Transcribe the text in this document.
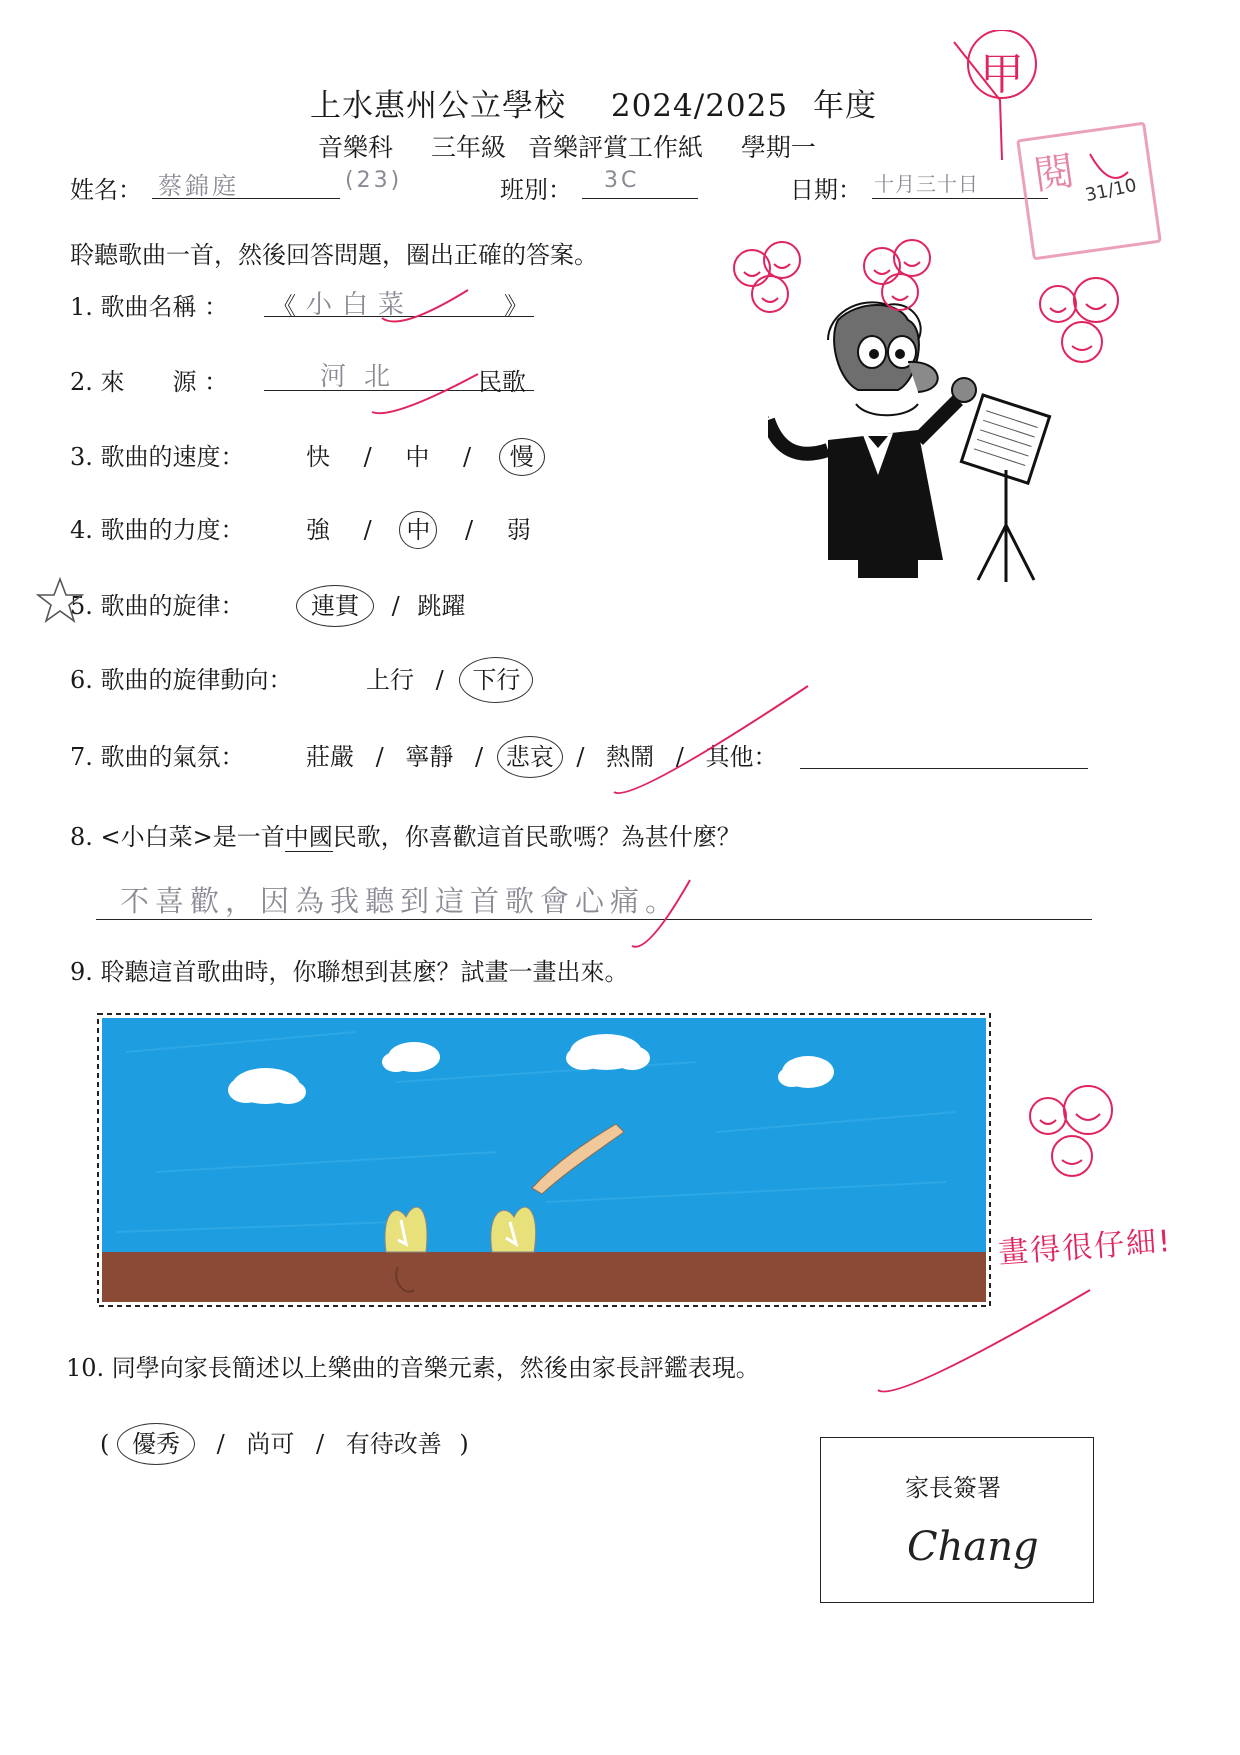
上水惠州公立學校 2024/2025 年度
音樂科 三年級 音樂評賞工作紙 學期一
姓名： 蔡錦庭	(23)	班別： 3C	日期： 十月三十日
聆聽歌曲一首，然後回答問題，圈出正確的答案。
1. 歌曲名稱 ： 《 小白菜	》
2. 來　　源 ：	河北	民歌
3. 歌曲的速度：	快 / 中 / 慢
4. 歌曲的力度：	強 / 中 / 弱
5. 歌曲的旋律：	連貫 / 跳躍
6. 歌曲的旋律動向：	上行 / 下行
7. 歌曲的氣氛：	莊嚴 / 寧靜 / 悲哀 / 熱鬧 / 其他：
8. <小白菜>是一首中國民歌，你喜歡這首民歌嗎？為甚什麼？
不喜歡，因為我聽到這首歌會心痛。
9. 聆聽這首歌曲時，你聯想到甚麼？試畫一畫出來。
10. 同學向家長簡述以上樂曲的音樂元素，然後由家長評鑑表現。
( 優秀 / 尚可 / 有待改善 )
家長簽署
Chang
甲
閱 31/10
畫得很仔細!
